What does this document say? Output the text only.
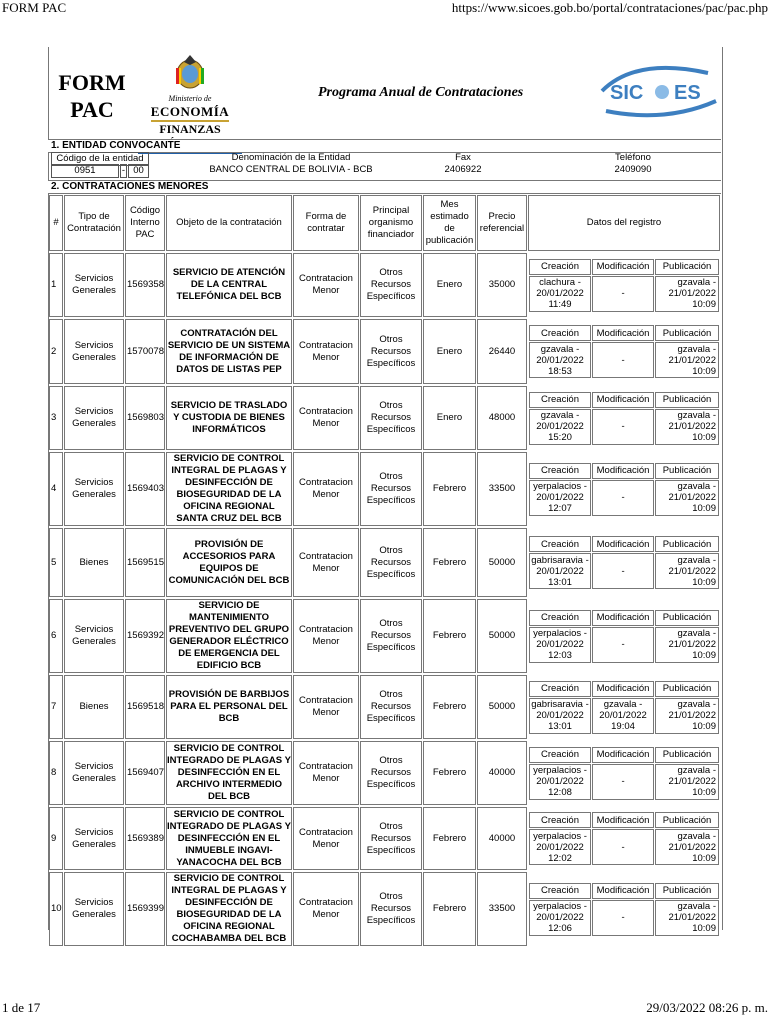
FORM PAC	https://www.sicoes.gob.bo/portal/contrataciones/pac/pac.php
FORM
PAC	Ministerio de
ECONOMÍA
FINANZAS
Programa Anual de Contrataciones	SIC ES
1. ENTIDAD CONVOCANTE
Código de la entidad
0951	- 00
Denominación de la Entidad
BANCO CENTRAL DE BOLIVIA - BCB
Fax
2406922
Teléfono
2409090
2. CONTRATACIONES MENORES
#	Tipo de Contratación	Código Interno PAC	Objeto de la contratación	Forma de contratar	Principal organismo financiador	Mes estimado de publicación	Precio referencial	Datos del registro
1	Servicios Generales	1569358	SERVICIO DE ATENCIÓN DE LA CENTRAL TELEFÓNICA DEL BCB	Contratacion Menor	Otros Recursos Específicos	Enero	35000	
Creación	Modificación	Publicación
clachura - 20/01/2022 11:49	-	gzavala - 21/01/2022 10:09

2	Servicios Generales	1570078	CONTRATACIÓN DEL SERVICIO DE UN SISTEMA DE INFORMACIÓN DE DATOS DE LISTAS PEP	Contratacion Menor	Otros Recursos Específicos	Enero	26440	
Creación	Modificación	Publicación
gzavala - 20/01/2022 18:53	-	gzavala - 21/01/2022 10:09

3	Servicios Generales	1569803	SERVICIO DE TRASLADO Y CUSTODIA DE BIENES INFORMÁTICOS	Contratacion Menor	Otros Recursos Específicos	Enero	48000	
Creación	Modificación	Publicación
gzavala - 20/01/2022 15:20	-	gzavala - 21/01/2022 10:09

4	Servicios Generales	1569403	SERVICIO DE CONTROL INTEGRAL DE PLAGAS Y DESINFECCIÓN DE BIOSEGURIDAD DE LA OFICINA REGIONAL SANTA CRUZ DEL BCB	Contratacion Menor	Otros Recursos Específicos	Febrero	33500	
Creación	Modificación	Publicación
yerpalacios - 20/01/2022 12:07	-	gzavala - 21/01/2022 10:09

5	Bienes	1569515	PROVISIÓN DE ACCESORIOS PARA EQUIPOS DE COMUNICACIÓN DEL BCB	Contratacion Menor	Otros Recursos Específicos	Febrero	50000	
Creación	Modificación	Publicación
gabrisaravia - 20/01/2022 13:01	-	gzavala - 21/01/2022 10:09

6	Servicios Generales	1569392	SERVICIO DE MANTENIMIENTO PREVENTIVO DEL GRUPO GENERADOR ELÉCTRICO DE EMERGENCIA DEL EDIFICIO BCB	Contratacion Menor	Otros Recursos Específicos	Febrero	50000	
Creación	Modificación	Publicación
yerpalacios - 20/01/2022 12:03	-	gzavala - 21/01/2022 10:09

7	Bienes	1569518	PROVISIÓN DE BARBIJOS PARA EL PERSONAL DEL BCB	Contratacion Menor	Otros Recursos Específicos	Febrero	50000	
Creación	Modificación	Publicación
gabrisaravia - 20/01/2022 13:01	gzavala - 20/01/2022 19:04	gzavala - 21/01/2022 10:09

8	Servicios Generales	1569407	SERVICIO DE CONTROL INTEGRADO DE PLAGAS Y DESINFECCIÓN EN EL ARCHIVO INTERMEDIO DEL BCB	Contratacion Menor	Otros Recursos Específicos	Febrero	40000	
Creación	Modificación	Publicación
yerpalacios - 20/01/2022 12:08	-	gzavala - 21/01/2022 10:09

9	Servicios Generales	1569389	SERVICIO DE CONTROL INTEGRADO DE PLAGAS Y DESINFECCIÓN EN EL INMUEBLE INGAVI-YANACOCHA DEL BCB	Contratacion Menor	Otros Recursos Específicos	Febrero	40000	
Creación	Modificación	Publicación
yerpalacios - 20/01/2022 12:02	-	gzavala - 21/01/2022 10:09

10	Servicios Generales	1569399	SERVICIO DE CONTROL INTEGRAL DE PLAGAS Y DESINFECCIÓN DE BIOSEGURIDAD DE LA OFICINA REGIONAL COCHABAMBA DEL BCB	Contratacion Menor	Otros Recursos Específicos	Febrero	33500	
Creación	Modificación	Publicación
yerpalacios - 20/01/2022 12:06	-	gzavala - 21/01/2022 10:09
1 de 17	29/03/2022 08:26 p. m.
